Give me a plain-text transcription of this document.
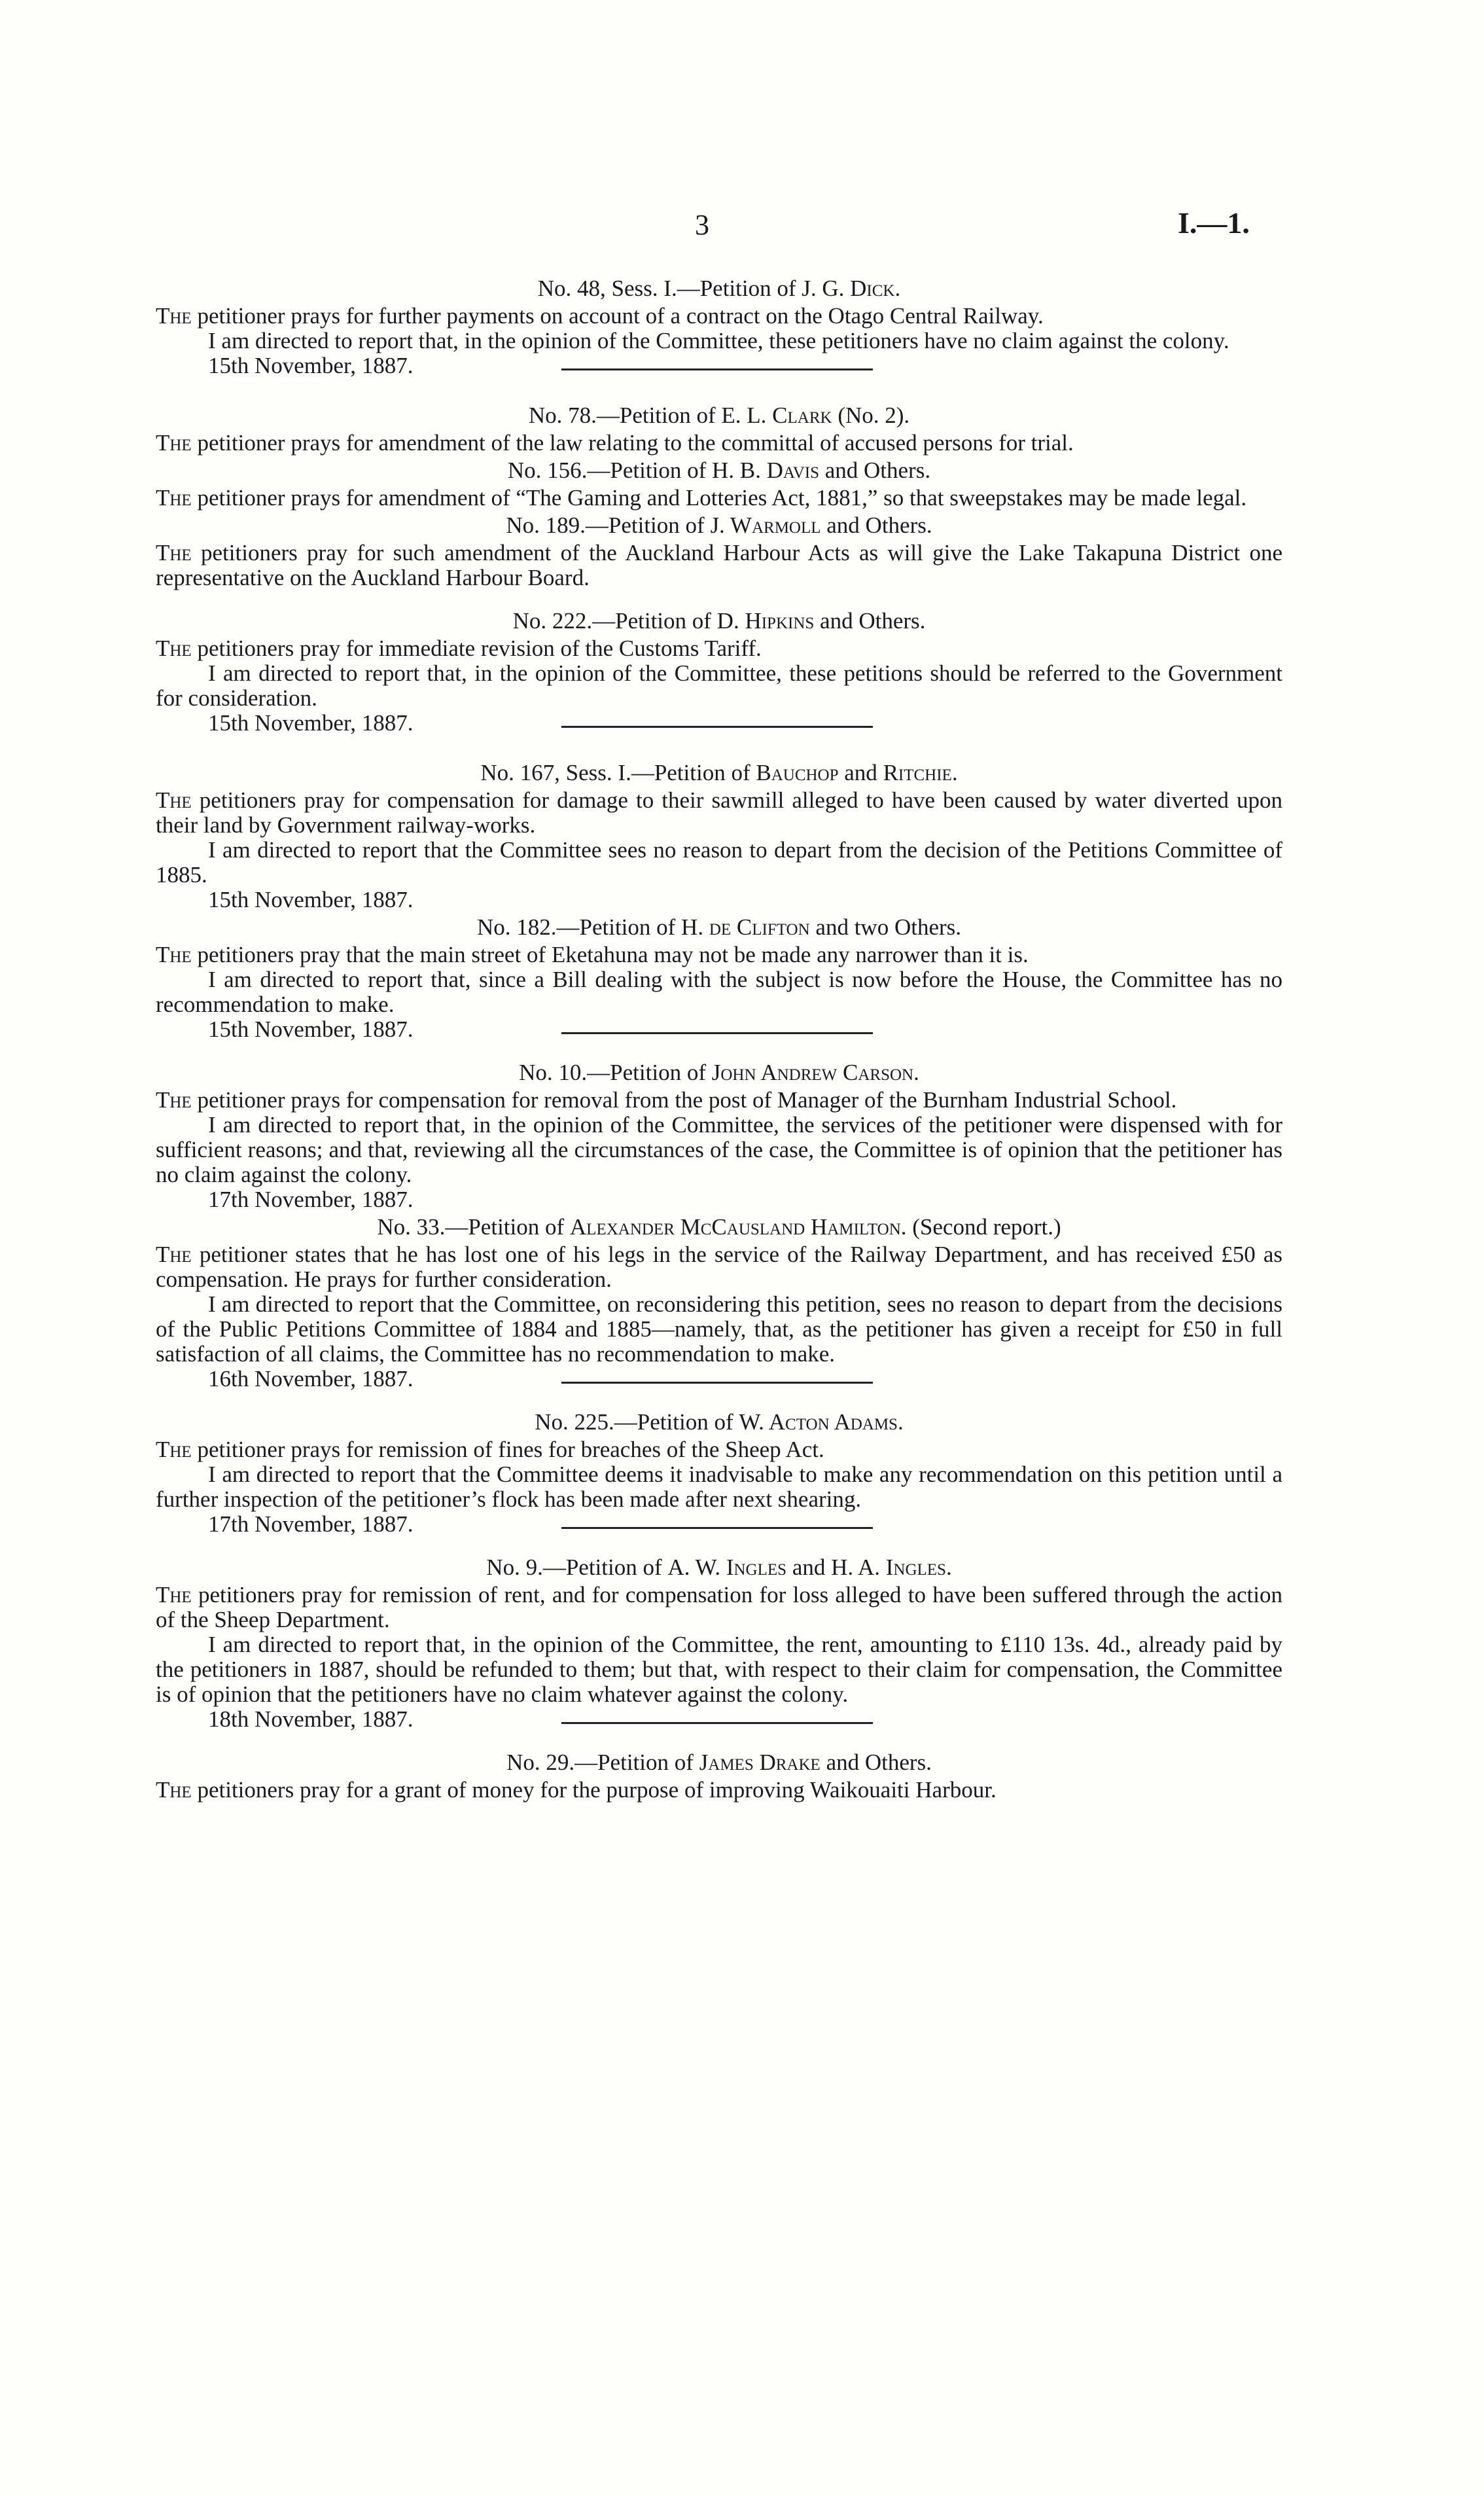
3	I.—1.

No. 48, Sess. I.—Petition of J. G. Dick.

The petitioner prays for further payments on account of a contract on the Otago Central Railway.

I am directed to report that, in the opinion of the Committee, these petitioners have no claim against the colony.

15th November, 1887.

No. 78.—Petition of E. L. Clark (No. 2).

The petitioner prays for amendment of the law relating to the committal of accused persons for trial.

No. 156.—Petition of H. B. Davis and Others.

The petitioner prays for amendment of “The Gaming and Lotteries Act, 1881,” so that sweepstakes may be made legal.

No. 189.—Petition of J. Warmoll and Others.

The petitioners pray for such amendment of the Auckland Harbour Acts as will give the Lake Takapuna District one representative on the Auckland Harbour Board.

No. 222.—Petition of D. Hipkins and Others.

The petitioners pray for immediate revision of the Customs Tariff.

I am directed to report that, in the opinion of the Committee, these petitions should be referred to the Government for consideration.

15th November, 1887.

No. 167, Sess. I.—Petition of Bauchop and Ritchie.

The petitioners pray for compensation for damage to their sawmill alleged to have been caused by water diverted upon their land by Government railway-works.

I am directed to report that the Committee sees no reason to depart from the decision of the Petitions Committee of 1885.

15th November, 1887.

No. 182.—Petition of H. de Clifton and two Others.

The petitioners pray that the main street of Eketahuna may not be made any narrower than it is.

I am directed to report that, since a Bill dealing with the subject is now before the House, the Committee has no recommendation to make.

15th November, 1887.

No. 10.—Petition of John Andrew Carson.

The petitioner prays for compensation for removal from the post of Manager of the Burnham Industrial School.

I am directed to report that, in the opinion of the Committee, the services of the petitioner were dispensed with for sufficient reasons; and that, reviewing all the circumstances of the case, the Committee is of opinion that the petitioner has no claim against the colony.

17th November, 1887.

No. 33.—Petition of Alexander McCausland Hamilton. (Second report.)

The petitioner states that he has lost one of his legs in the service of the Railway Department, and has received £50 as compensation. He prays for further consideration.

I am directed to report that the Committee, on reconsidering this petition, sees no reason to depart from the decisions of the Public Petitions Committee of 1884 and 1885—namely, that, as the petitioner has given a receipt for £50 in full satisfaction of all claims, the Committee has no recommendation to make.

16th November, 1887.

No. 225.—Petition of W. Acton Adams.

The petitioner prays for remission of fines for breaches of the Sheep Act.

I am directed to report that the Committee deems it inadvisable to make any recommendation on this petition until a further inspection of the petitioner’s flock has been made after next shearing.

17th November, 1887.

No. 9.—Petition of A. W. Ingles and H. A. Ingles.

The petitioners pray for remission of rent, and for compensation for loss alleged to have been suffered through the action of the Sheep Department.

I am directed to report that, in the opinion of the Committee, the rent, amounting to £110 13s. 4d., already paid by the petitioners in 1887, should be refunded to them; but that, with respect to their claim for compensation, the Committee is of opinion that the petitioners have no claim whatever against the colony.

18th November, 1887.

No. 29.—Petition of James Drake and Others.

The petitioners pray for a grant of money for the purpose of improving Waikouaiti Harbour.
